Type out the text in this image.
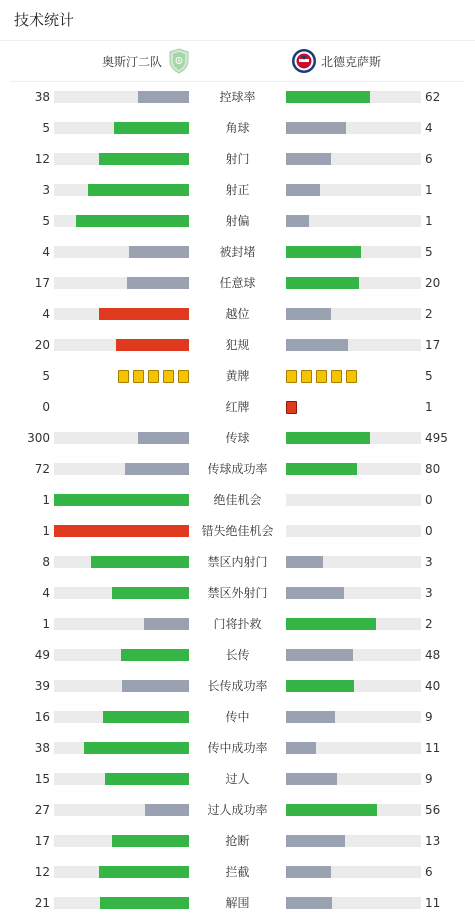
技术统计
奥斯汀二队	北德克萨斯
38	控球率	62
5	角球	4
12	射门	6
3	射正	1
5	射偏	1
4	被封堵	5
17	任意球	20
4	越位	2
20	犯规	17
5	黄牌	5
0	红牌	1
300	传球	495
72	传球成功率	80
1	绝佳机会	0
1	错失绝佳机会	0
8	禁区内射门	3
4	禁区外射门	3
1	门将扑救	2
49	长传	48
39	长传成功率	40
16	传中	9
38	传中成功率	11
15	过人	9
27	过人成功率	56
17	抢断	13
12	拦截	6
21	解围	11
